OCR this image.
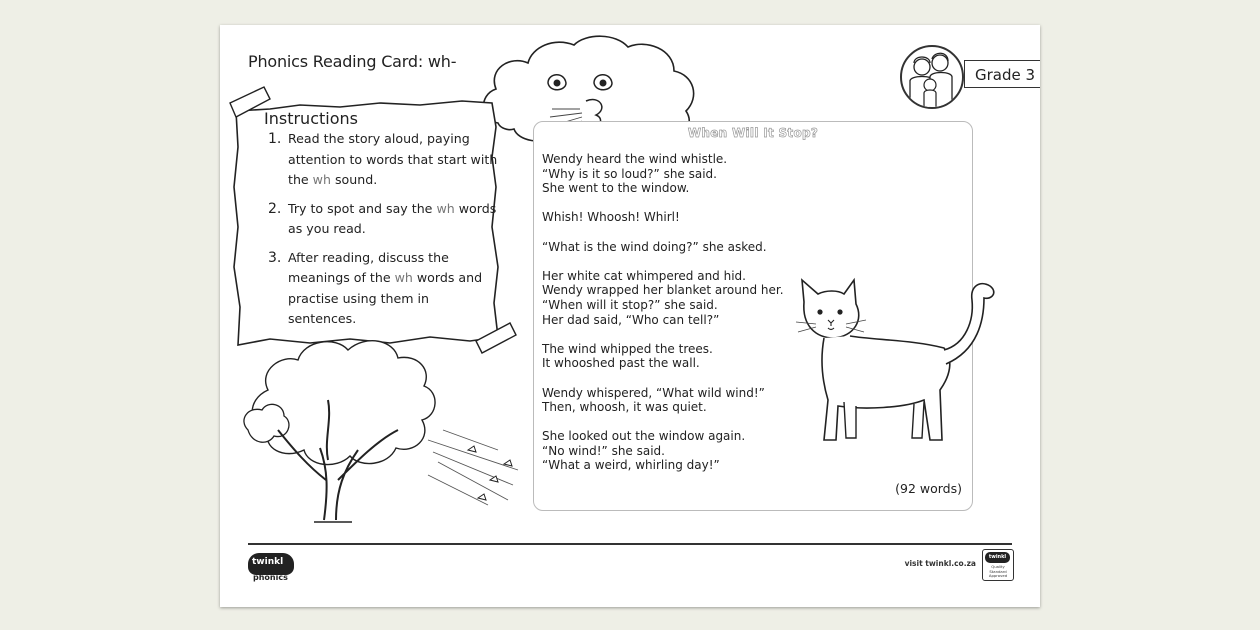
Phonics Reading Card: wh-
Grade 3
Instructions
1. Read the story aloud, paying attention to words that start with the wh sound.
2. Try to spot and say the wh words as you read.
3. After reading, discuss the meanings of the wh words and practise using them in sentences.
When Will It Stop?
Wendy heard the wind whistle.
“Why is it so loud?” she said.
She went to the window.
Whish! Whoosh! Whirl!
“What is the wind doing?” she asked.
Her white cat whimpered and hid.
Wendy wrapped her blanket around her.
“When will it stop?” she said.
Her dad said, “Who can tell?”
The wind whipped the trees.
It whooshed past the wall.
Wendy whispered, “What wild wind!”
Then, whoosh, it was quiet.
She looked out the window again.
“No wind!” she said.
“What a weird, whirling day!”
(92 words)
twinkl
phonics
visit twinkl.co.za
twinkl
Quality Standard Approved
